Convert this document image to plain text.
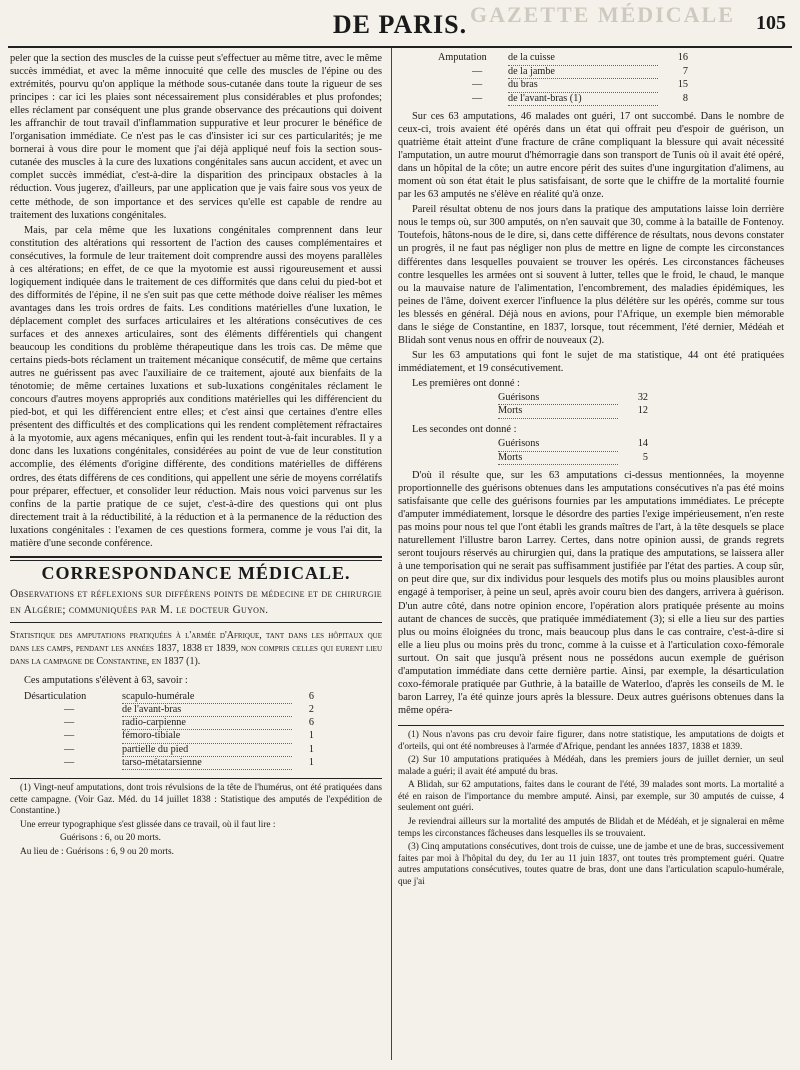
GAZETTE MÉDICALE
DE PARIS.	105

peler que la section des muscles de la cuisse peut s'effectuer au même titre, avec le même succès immédiat, et avec la même innocuité que celle des muscles de l'épine ou des extrémités, pourvu qu'on applique la méthode sous-cutanée dans toute la rigueur de ses principes : car ici les plaies sont nécessairement plus considérables et plus profondes; elles réclament par conséquent une plus grande observance des précautions qui doivent les affranchir de tout travail d'inflammation suppurative et leur procurer le bénéfice de l'organisation immédiate. Ce n'est pas le cas d'insister ici sur ces particularités; je me bornerai à vous dire pour le moment que j'ai déjà appliqué neuf fois la section sous-cutanée des muscles à la cure des luxations congénitales sans aucun accident, et avec un complet succès immédiat, c'est-à-dire la disparition des principaux obstacles à la réduction. Vous jugerez, d'ailleurs, par une application que je vais faire sous vos yeux de cette méthode, de son importance et des services qu'elle est capable de rendre au traitement des luxations congénitales.

Mais, par cela même que les luxations congénitales comprennent dans leur constitution des altérations qui ressortent de l'action des causes complémentaires et consécutives, la formule de leur traitement doit comprendre aussi des moyens parallèles à ces altérations; en effet, de ce que la myotomie est aussi rigoureusement et aussi logiquement indiquée dans le traitement de ces difformités que dans celui du pied-bot et des difformités de l'épine, il ne s'en suit pas que cette méthode doive réaliser les mêmes avantages dans les trois ordres de faits. Les conditions matérielles d'une luxation, le déplacement complet des surfaces articulaires et les altérations consécutives de ces surfaces et des annexes articulaires, sont des éléments différentiels qui changent beaucoup les conditions du problème thérapeutique dans les trois cas. De même que certains pieds-bots réclament un traitement mécanique consécutif, de même que certains autres ne guérissent pas avec l'auxiliaire de ce traitement, ajouté aux bienfaits de la ténotomie; de même certaines luxations et sub-luxations congénitales réclament le concours d'autres moyens appropriés aux conditions matérielles qui les différencient du pied-bot, et qui les différencient entre elles; et c'est ainsi que certaines d'entre elles présentent des difficultés et des complications qui les rendent complètement réfractaires à la myotomie, aux agens mécaniques, enfin qui les rendent tout-à-fait incurables. Il y a donc dans les luxations congénitales, considérées au point de vue de leur constitution accomplie, des éléments d'origine différente, des conditions matérielles de différens ordres, des états différens de ces conditions, qui appellent une série de moyens corrélatifs pour préparer, effectuer, et consolider leur réduction. Mais nous voici parvenus sur les confins de la partie pratique de ce sujet, c'est-à-dire des questions qui ont plus directement trait à la réductibilité, à la réduction et à la permanence de la réduction des luxations congénitales : l'examen de ces questions formera, comme je vous l'ai dit, la matière d'une seconde conférence.

CORRESPONDANCE MÉDICALE.
Observations et réflexions sur différens points de médecine et de chirurgie en Algérie; communiquées par M. le docteur Guyon.
Statistique des amputations pratiquées à l'armée d'Afrique, tant dans les hôpitaux que dans les camps, pendant les années 1837, 1838 et 1839, non compris celles qui eurent lieu dans la campagne de Constantine, en 1837 (1).

Ces amputations s'élèvent à 63, savoir :

Désarticulation	scapulo-humérale	6
—	de l'avant-bras	2
—	radio-carpienne	6
—	fémoro-tibiale	1
—	partielle du pied	1
—	tarso-métatarsienne	1
(1) Vingt-neuf amputations, dont trois révulsions de la tête de l'humérus, ont été pratiquées dans cette campagne. (Voir Gaz. Méd. du 14 juillet 1838 : Statistique des amputés de l'expédition de Constantine.)
Une erreur typographique s'est glissée dans ce travail, où il faut lire :
Guérisons : 6, ou 20 morts.
Au lieu de : Guérisons : 6, 9 ou 20 morts.
Amputation	de la cuisse	16
—	de la jambe	7
—	du bras	15
—	de l'avant-bras (1)	8

Sur ces 63 amputations, 46 malades ont guéri, 17 ont succombé. Dans le nombre de ceux-ci, trois avaient été opérés dans un état qui offrait peu d'espoir de guérison, un quatrième était atteint d'une fracture de crâne compliquant la blessure qui avait nécessité l'amputation, un autre mourut d'hémorragie dans son transport de Tunis où il avait été opéré, dans un hôpital de la côte; un autre encore périt des suites d'une ingurgitation d'alimens, au moment où son état était le plus satisfaisant, de sorte que le chiffre de la mortalité fournie par les 63 amputés ne s'élève en réalité qu'à onze.

Pareil résultat obtenu de nos jours dans la pratique des amputations laisse loin derrière nous le temps où, sur 300 amputés, on n'en sauvait que 30, comme à la bataille de Fontenoy. Toutefois, hâtons-nous de le dire, si, dans cette différence de résultats, nous devons constater un progrès, il ne faut pas négliger non plus de mettre en ligne de compte les circonstances différentes dans lesquelles pouvaient se trouver les opérés. Les circonstances fâcheuses contre lesquelles les armées ont si souvent à lutter, telles que le froid, le chaud, le manque ou la mauvaise nature de l'alimentation, l'encombrement, des maladies épidémiques, les peines de l'âme, doivent exercer l'influence la plus délétère sur les opérés, comme sur tous les blessés en général. Déjà nous en avions, pour l'Afrique, un exemple bien mémorable dans le siége de Constantine, en 1837, lorsque, tout récemment, l'été dernier, Médéah et Blidah sont venus nous en offrir de nouveaux (2).

Sur les 63 amputations qui font le sujet de ma statistique, 44 ont été pratiquées immédiatement, et 19 consécutivement.

Les premières ont donné :

Guérisons	32
Morts	12

Les secondes ont donné :

Guérisons	14
Morts	5

D'où il résulte que, sur les 63 amputations ci-dessus mentionnées, la moyenne proportionnelle des guérisons obtenues dans les amputations consécutives n'a pas été moins satisfaisante que celle des guérisons fournies par les amputations immédiates. Le précepte d'amputer immédiatement, lorsque le désordre des parties l'exige impérieusement, n'en reste pas moins pour nous tel que l'ont établi les grands maîtres de l'art, à la tête desquels se place naturellement l'illustre baron Larrey. Certes, dans notre opinion aussi, de grands regrets seront toujours réservés au chirurgien qui, dans la pratique des amputations, se laissera aller à une temporisation qui ne serait pas suffisamment justifiée par l'état des parties. A coup sûr, on peut dire que, sur dix individus pour lesquels des motifs plus ou moins plausibles auront engagé à temporiser, à peine un seul, après avoir couru bien des dangers, arrivera à guérison. D'un autre côté, dans notre opinion encore, l'opération alors pratiquée présente au moins autant de chances de succès, que pratiquée immédiatement (3); si elle a lieu sur des parties plus ou moins éloignées du tronc, mais beaucoup plus dans le cas contraire, c'est-à-dire si elle a lieu plus ou moins près du tronc, comme à la cuisse et à l'articulation coxo-fémorale surtout. On sait que jusqu'à présent nous ne possédons aucun exemple de guérison d'amputation immédiate dans cette dernière partie. Ainsi, par exemple, la désarticulation coxo-fémorale pratiquée par Guthrie, à la bataille de Waterloo, d'après les conseils de M. le baron Larrey, l'a été quinze jours après la blessure. Deux autres guérisons obtenues dans la même opéra-

(1) Nous n'avons pas cru devoir faire figurer, dans notre statistique, les amputations de doigts et d'orteils, qui ont été nombreuses à l'armée d'Afrique, pendant les années 1837, 1838 et 1839.
(2) Sur 10 amputations pratiquées à Médéah, dans les premiers jours de juillet dernier, un seul malade a guéri; il avait été amputé du bras.
A Blidah, sur 62 amputations, faites dans le courant de l'été, 39 malades sont morts. La mortalité a été en raison de l'importance du membre amputé. Ainsi, par exemple, sur 30 amputés de cuisse, 4 seulement ont guéri.
Je reviendrai ailleurs sur la mortalité des amputés de Blidah et de Médéah, et je signalerai en même temps les circonstances fâcheuses dans lesquelles ils se trouvaient.
(3) Cinq amputations consécutives, dont trois de cuisse, une de jambe et une de bras, successivement faites par moi à l'hôpital du dey, du 1er au 11 juin 1837, ont toutes très promptement guéri. Quatre autres amputations consécutives, toutes quatre de bras, dont une dans l'articulation scapulo-humérale, que j'ai
